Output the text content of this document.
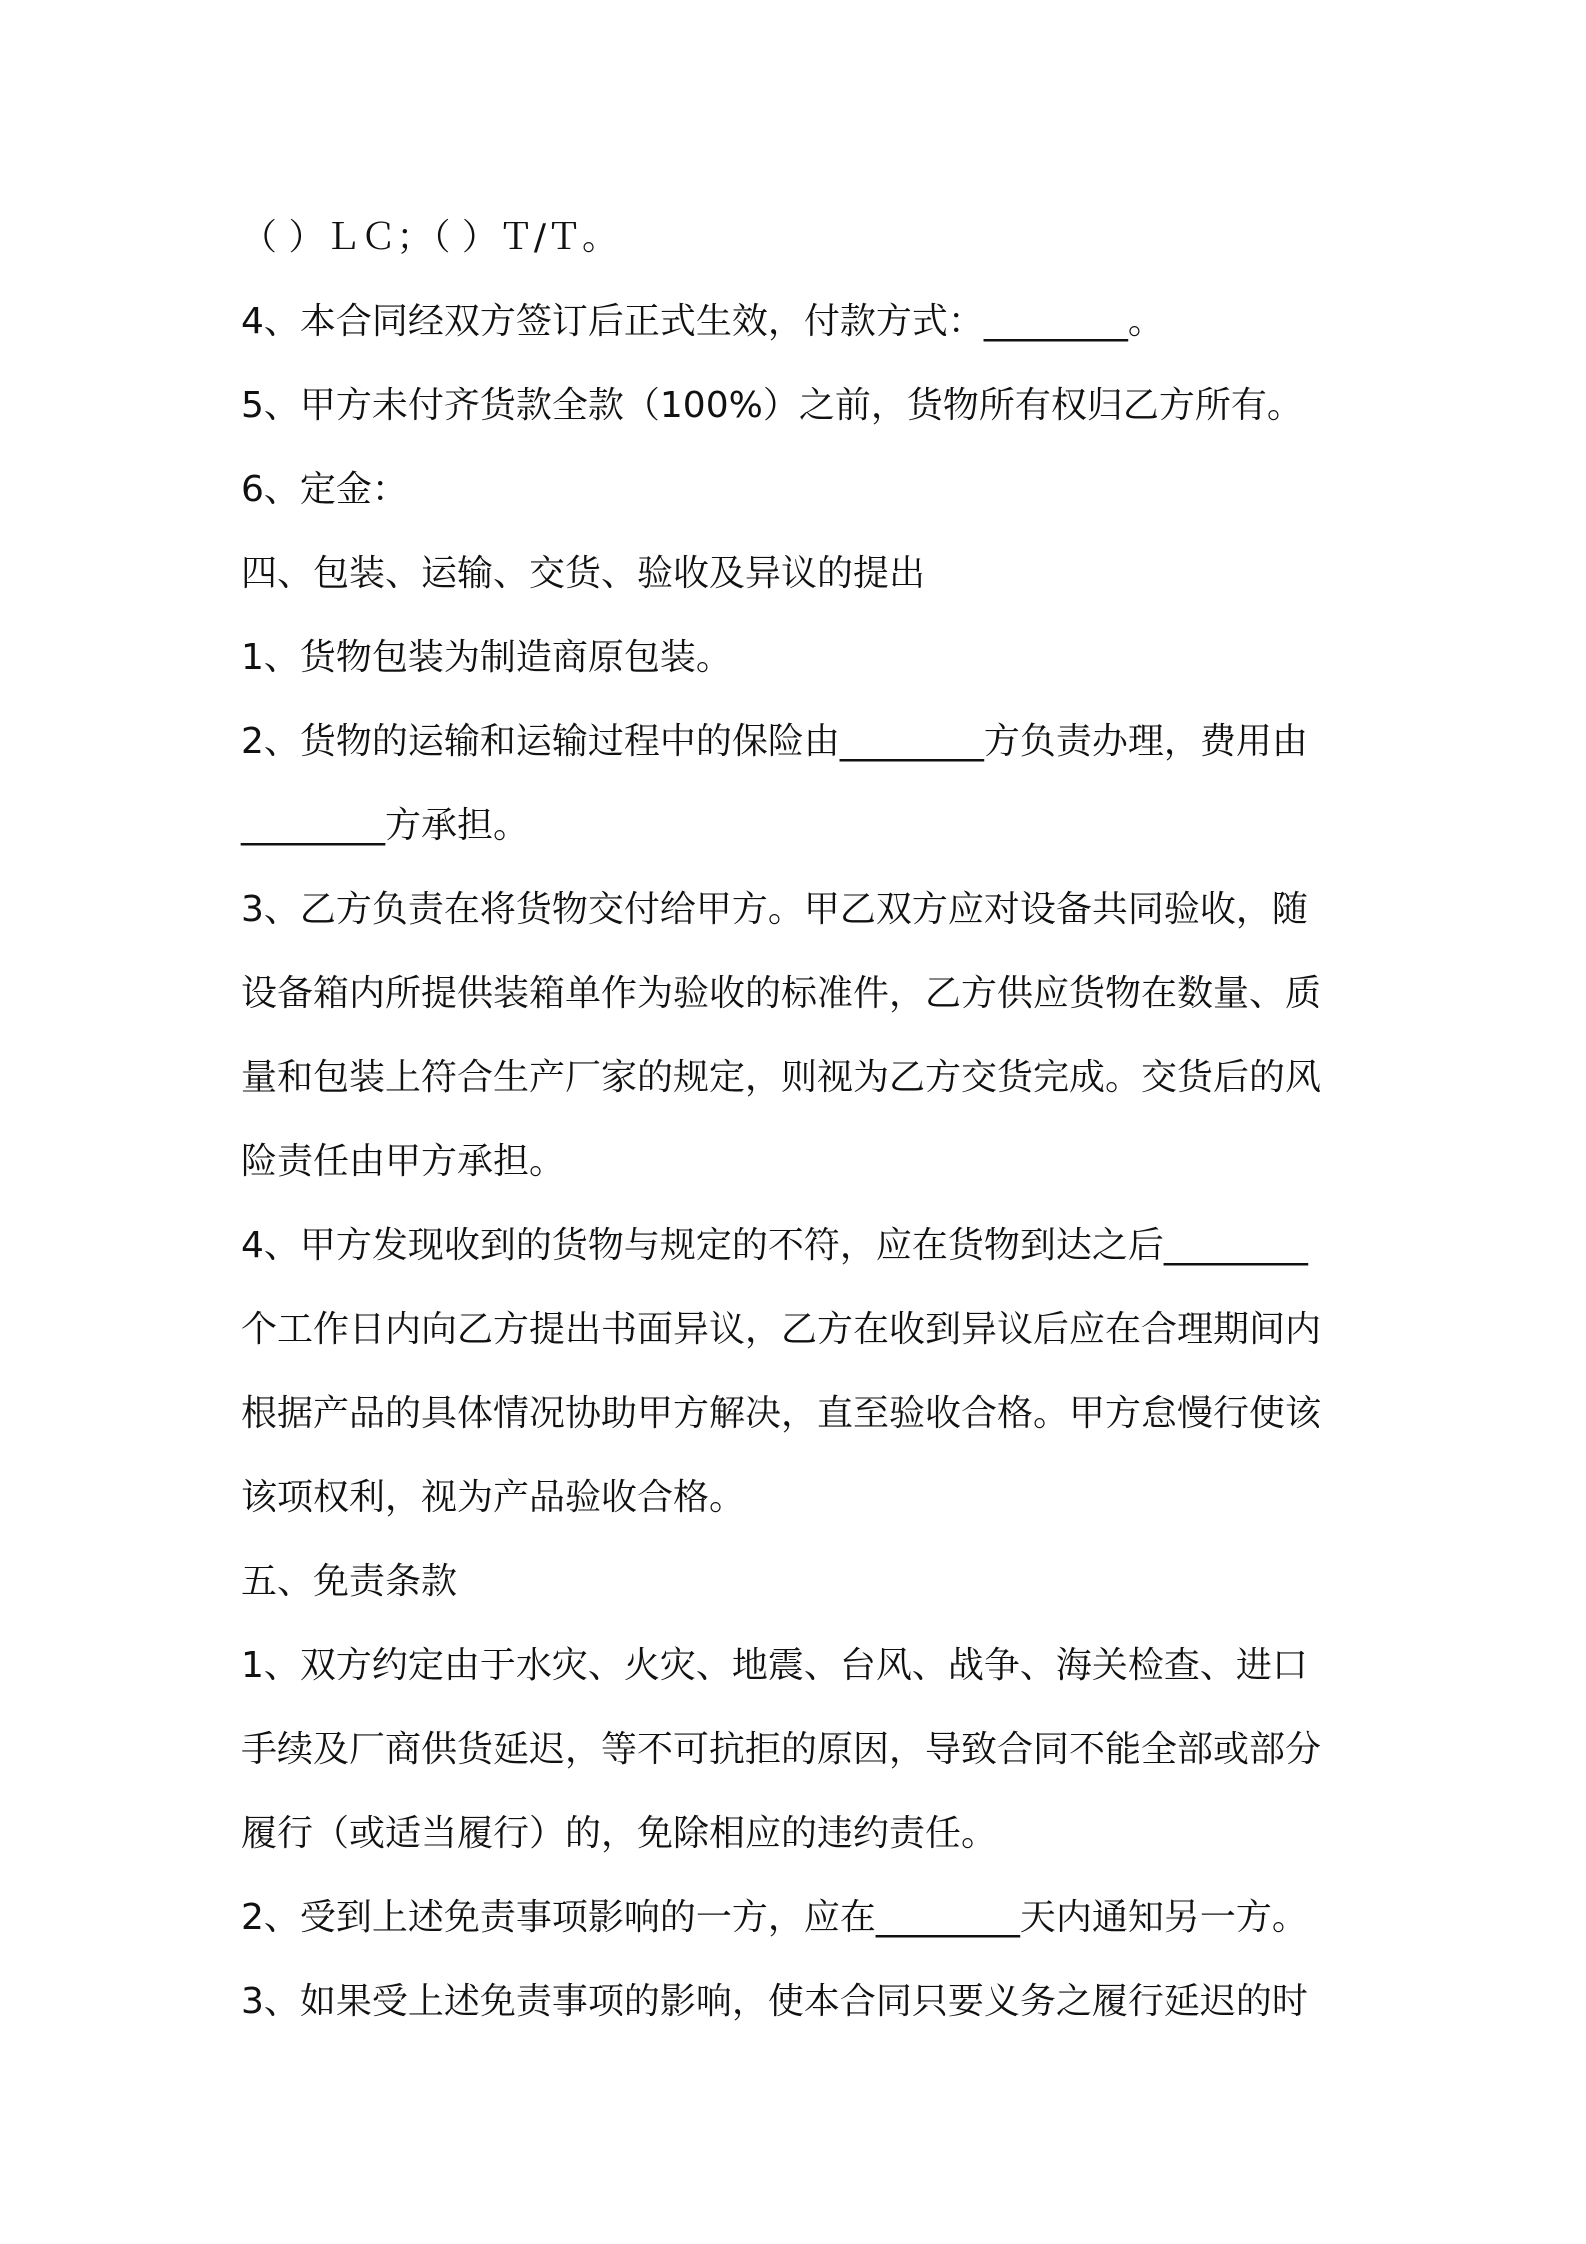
（ ）ＬＣ；（ ）Ｔ/Ｔ。
4、本合同经双方签订后正式生效，付款方式：________。
5、甲方未付齐货款全款（100%）之前，货物所有权归乙方所有。
6、定金：
四、包装、运输、交货、验收及异议的提出
1、货物包装为制造商原包装。
2、货物的运输和运输过程中的保险由________方负责办理，费用由
________方承担。
3、乙方负责在将货物交付给甲方。甲乙双方应对设备共同验收，随
设备箱内所提供装箱单作为验收的标准件，乙方供应货物在数量、质
量和包装上符合生产厂家的规定，则视为乙方交货完成。交货后的风
险责任由甲方承担。
4、甲方发现收到的货物与规定的不符，应在货物到达之后________
个工作日内向乙方提出书面异议，乙方在收到异议后应在合理期间内
根据产品的具体情况协助甲方解决，直至验收合格。甲方怠慢行使该
该项权利，视为产品验收合格。
五、免责条款
1、双方约定由于水灾、火灾、地震、台风、战争、海关检查、进口
手续及厂商供货延迟，等不可抗拒的原因，导致合同不能全部或部分
履行（或适当履行）的，免除相应的违约责任。
2、受到上述免责事项影响的一方，应在________天内通知另一方。
3、如果受上述免责事项的影响，使本合同只要义务之履行延迟的时
